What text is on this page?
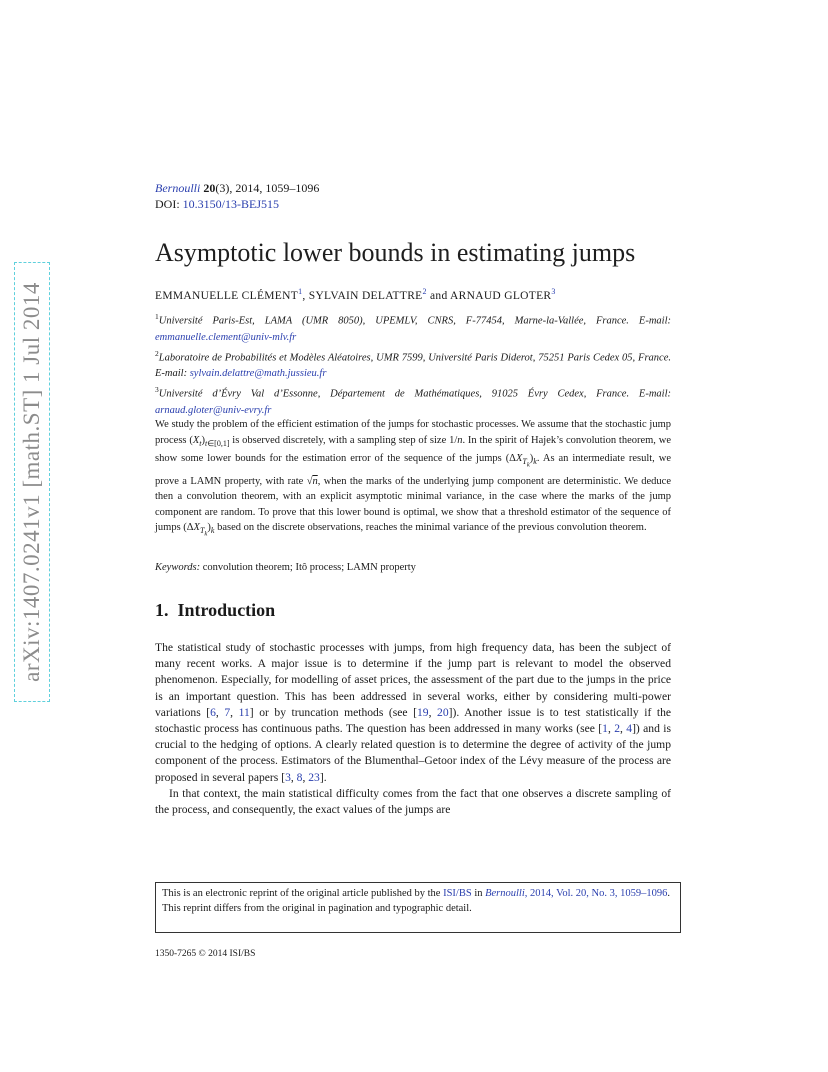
arXiv:1407.0241v1 [math.ST] 1 Jul 2014
Bernoulli 20(3), 2014, 1059–1096
DOI: 10.3150/13-BEJ515
Asymptotic lower bounds in estimating jumps
EMMANUELLE CLÉMENT$^1$, SYLVAIN DELATTRE$^2$ and ARNAUD GLOTER$^3$
$^1$Université Paris-Est, LAMA (UMR 8050), UPEMLV, CNRS, F-77454, Marne-la-Vallée, France. E-mail: emmanuelle.clement@univ-mlv.fr
$^2$Laboratoire de Probabilités et Modèles Aléatoires, UMR 7599, Université Paris Diderot, 75251 Paris Cedex 05, France. E-mail: sylvain.delattre@math.jussieu.fr
$^3$Université d’Évry Val d’Essonne, Département de Mathématiques, 91025 Évry Cedex, France. E-mail: arnaud.gloter@univ-evry.fr
We study the problem of the efficient estimation of the jumps for stochastic processes. We assume that the stochastic jump process $(X_t)_{t\in[0,1]}$ is observed discretely, with a sampling step of size 1/n. In the spirit of Hajek’s convolution theorem, we show some lower bounds for the estimation error of the sequence of the jumps $(\Delta X_{T_k})_k$. As an intermediate result, we prove a LAMN property, with rate √n, when the marks of the underlying jump component are deterministic. We deduce then a convolution theorem, with an explicit asymptotic minimal variance, in the case where the marks of the jump component are random. To prove that this lower bound is optimal, we show that a threshold estimator of the sequence of jumps $(\Delta X_{T_k})_k$ based on the discrete observations, reaches the minimal variance of the previous convolution theorem.
Keywords: convolution theorem; Itô process; LAMN property
1. Introduction

The statistical study of stochastic processes with jumps, from high frequency data, has been the subject of many recent works. A major issue is to determine if the jump part is relevant to model the observed phenomenon. Especially, for modelling of asset prices, the assessment of the part due to the jumps in the price is an important question. This has been addressed in several works, either by considering multi-power variations [6, 7, 11] or by truncation methods (see [19, 20]). Another issue is to test statistically if the stochastic process has continuous paths. The question has been addressed in many works (see [1, 2, 4]) and is crucial to the hedging of options. A clearly related question is to determine the degree of activity of the jump component of the process. Estimators of the Blumenthal–Getoor index of the Lévy measure of the process are proposed in several papers [3, 8, 23].

In that context, the main statistical difficulty comes from the fact that one observes a discrete sampling of the process, and consequently, the exact values of the jumps are

This is an electronic reprint of the original article published by the ISI/BS in Bernoulli, 2014, Vol. 20, No. 3, 1059–1096. This reprint differs from the original in pagination and typographic detail.
1350-7265 © 2014 ISI/BS
